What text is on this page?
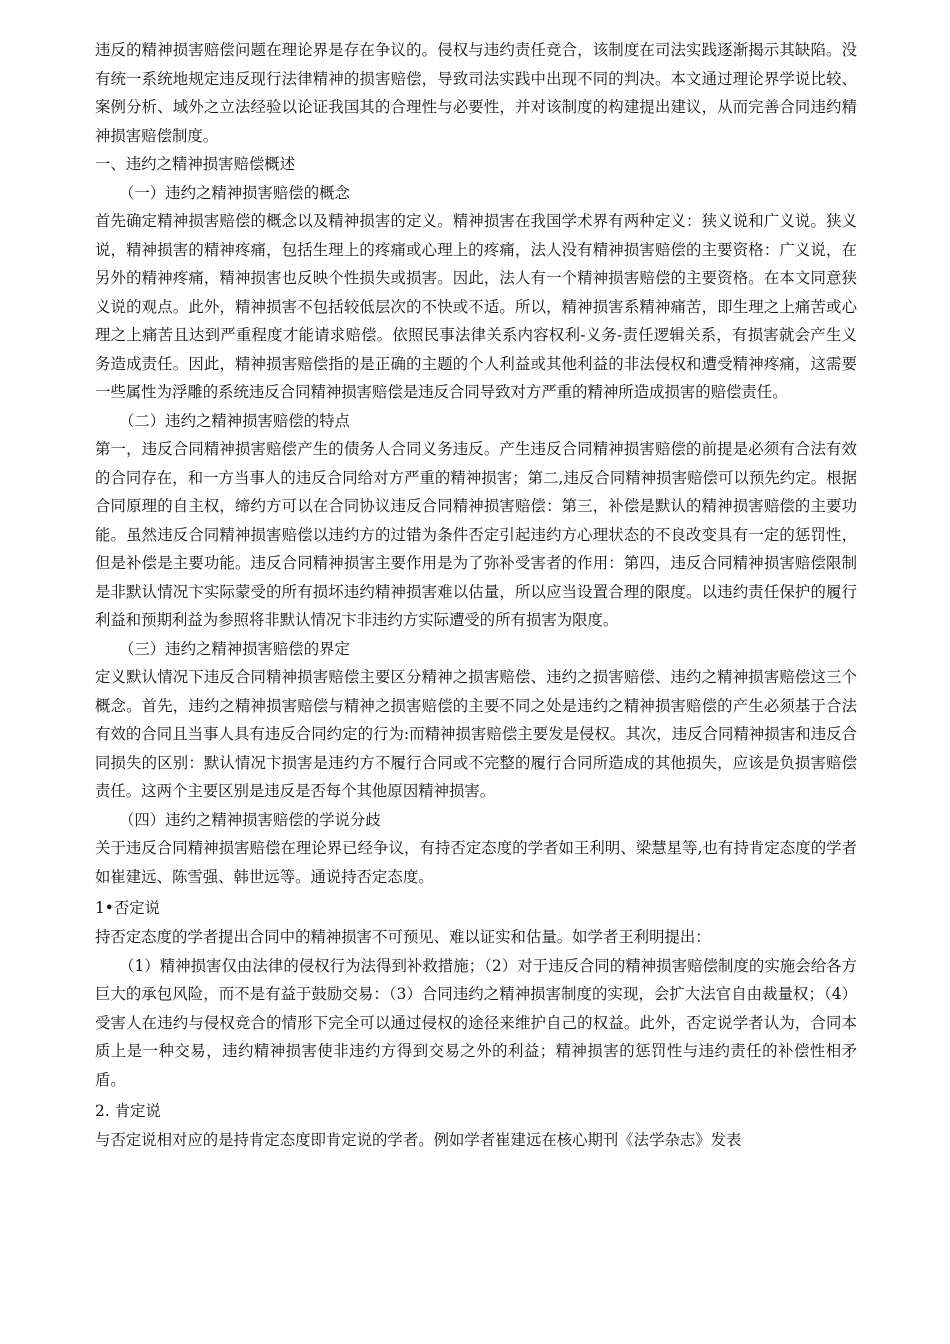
违反的精神损害赔偿问题在理论界是存在争议的。侵权与违约责任竞合，该制度在司法实践逐渐揭示其缺陷。没有统一系统地规定违反现行法律精神的损害赔偿，导致司法实践中出现不同的判决。本文通过理论界学说比较、案例分析、域外之立法经验以论证我国其的合理性与必要性，并对该制度的构建提出建议，从而完善合同违约精神损害赔偿制度。

一、违约之精神损害赔偿概述

（一）违约之精神损害赔偿的概念

首先确定精神损害赔偿的概念以及精神损害的定义。精神损害在我国学术界有两种定义：狭义说和广义说。狭义说，精神损害的精神疼痛，包括生理上的疼痛或心理上的疼痛，法人没有精神损害赔偿的主要资格：广义说，在另外的精神疼痛，精神损害也反映个性损失或损害。因此，法人有一个精神损害赔偿的主要资格。在本文同意狭义说的观点。此外，精神损害不包括较低层次的不快或不适。所以，精神损害系精神痛苦，即生理之上痛苦或心理之上痛苦且达到严重程度才能请求赔偿。依照民事法律关系内容权利-义务-责任逻辑关系，有损害就会产生义务造成责任。因此，精神损害赔偿指的是正确的主题的个人利益或其他利益的非法侵权和遭受精神疼痛，这需要一些属性为浮雕的系统违反合同精神损害赔偿是违反合同导致对方严重的精神所造成损害的赔偿责任。

（二）违约之精神损害赔偿的特点

第一，违反合同精神损害赔偿产生的债务人合同义务违反。产生违反合同精神损害赔偿的前提是必须有合法有效的合同存在，和一方当事人的违反合同给对方严重的精神损害；第二,违反合同精神损害赔偿可以预先约定。根据合同原理的自主权，缔约方可以在合同协议违反合同精神损害赔偿：第三，补偿是默认的精神损害赔偿的主要功能。虽然违反合同精神损害赔偿以违约方的过错为条件否定引起违约方心理状态的不良改变具有一定的惩罚性，但是补偿是主要功能。违反合同精神损害主要作用是为了弥补受害者的作用：第四，违反合同精神损害赔偿限制是非默认情况卞实际蒙受的所有损坏违约精神损害难以估量，所以应当设置合理的限度。以违约责任保护的履行利益和预期利益为参照将非默认情况卞非违约方实际遭受的所有损害为限度。

（三）违约之精神损害赔偿的界定

定义默认情况下违反合同精神损害赔偿主要区分精神之损害赔偿、违约之损害赔偿、违约之精神损害赔偿这三个概念。首先，违约之精神损害赔偿与精神之损害赔偿的主要不同之处是违约之精神损害赔偿的产生必须基于合法有效的合同且当事人具有违反合同约定的行为:而精神损害赔偿主要发是侵权。其次，违反合同精神损害和违反合同损失的区别：默认情况卞损害是违约方不履行合同或不完整的履行合同所造成的其他损失，应该是负损害赔偿责任。这两个主要区别是违反是否每个其他原因精神损害。

（四）违约之精神损害赔偿的学说分歧

关于违反合同精神损害赔偿在理论界已经争议，有持否定态度的学者如王利明、梁慧星等,也有持肯定态度的学者如崔建远、陈雪强、韩世远等。通说持否定态度。

1•否定说

持否定态度的学者提出合同中的精神损害不可预见、难以证实和估量。如学者王利明提出：

（1）精神损害仅由法律的侵权行为法得到补救措施；（2）对于违反合同的精神损害赔偿制度的实施会给各方巨大的承包风险，而不是有益于鼓励交易：（3）合同违约之精神损害制度的实现，会扩大法官自由裁量权；（4）受害人在违约与侵权竞合的情形下完全可以通过侵权的途径来维护自己的权益。此外，否定说学者认为，合同本质上是一种交易，违约精神损害使非违约方得到交易之外的利益；精神损害的惩罚性与违约责任的补偿性相矛盾。

2. 肯定说

与否定说相对应的是持肯定态度即肯定说的学者。例如学者崔建远在核心期刊《法学杂志》发表
